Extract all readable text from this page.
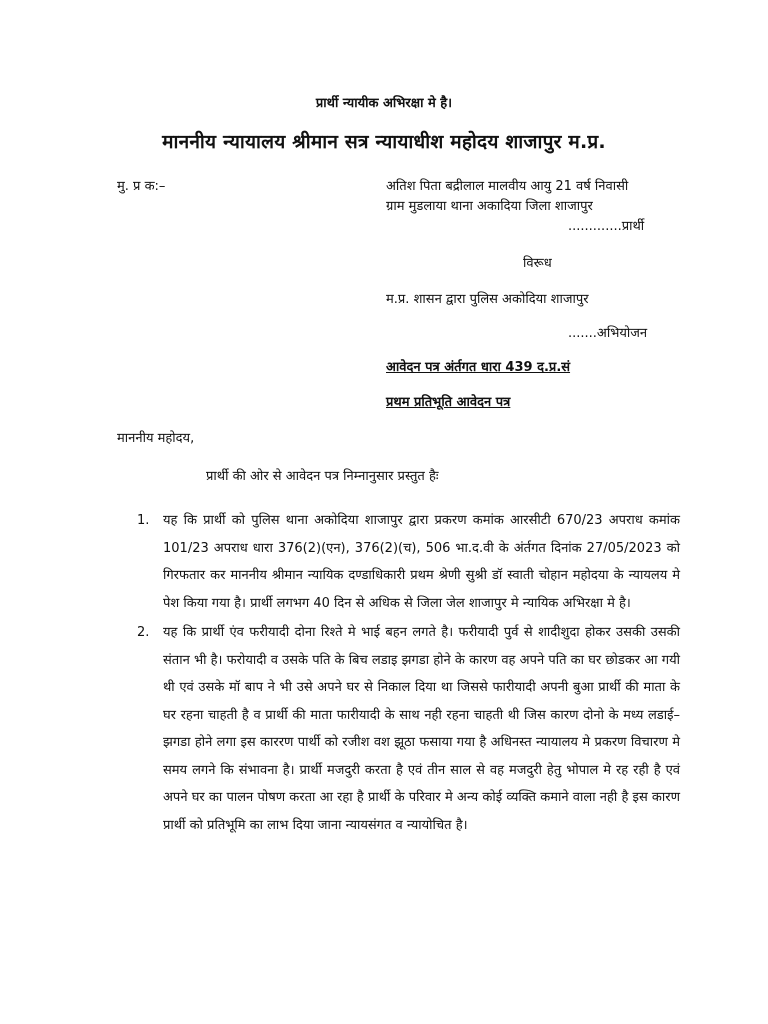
प्रार्थी न्यायीक अभिरक्षा मे है।
माननीय न्यायालय श्रीमान सत्र न्यायाधीश महोदय शाजापुर म.प्र.
मु. प्र क:–	अतिश पिता बद्रीलाल मालवीय आयु 21 वर्ष निवासी
ग्राम मुडलाया थाना अकादिया जिला शाजापुर
.............प्रार्थी
विरूध
म.प्र. शासन द्वारा पुलिस अकोदिया शाजापुर
.......अभियोजन
आवेदन पत्र अंर्तगत धारा 439 द.प्र.सं
प्रथम प्रतिभूति आवेदन पत्र
माननीय महोदय,
प्रार्थी की ओर से आवेदन पत्र निम्नानुसार प्रस्तुत हैः
1. यह कि प्रार्थी को पुलिस थाना अकोदिया शाजापुर द्वारा प्रकरण कमांक आरसीटी 670/23 अपराध कमांक 101/23 अपराध धारा 376(2)(एन), 376(2)(च), 506 भा.द.वी के अंर्तगत दिनांक 27/05/2023 को गिरफतार कर माननीय श्रीमान न्यायिक दण्डाधिकारी प्रथम श्रेणी सुश्री डॉ स्वाती चोहान महोदया के न्यायलय मे पेश किया गया है। प्रार्थी लगभग 40 दिन से अधिक से जिला जेल शाजापुर मे न्यायिक अभिरक्षा मे है।
2. यह कि प्रार्थी एंव फरीयादी दोना रिश्ते मे भाई बहन लगते है। फरीयादी पुर्व से शादीशुदा होकर उसकी उसकी संतान भी है। फरोयादी व उसके पति के बिच लडाइ झगडा होने के कारण वह अपने पति का घर छोडकर आ गयी थी एवं उसके मॉ बाप ने भी उसे अपने घर से निकाल दिया था जिससे फारीयादी अपनी बुआ प्रार्थी की माता के घर रहना चाहती है व प्रार्थी की माता फारीयादी के साथ नही रहना चाहती थी जिस कारण दोनो के मध्य लडाई–झगडा होने लगा इस काररण पार्थी को रजीश वश झूठा फसाया गया है अधिनस्त न्यायालय मे प्रकरण विचारण मे समय लगने कि संभावना है। प्रार्थी मजदुरी करता है एवं तीन साल से वह मजदुरी हेतु भोपाल मे रह रही है एवं अपने घर का पालन पोषण करता आ रहा है प्रार्थी के परिवार मे अन्य कोई व्यक्ति कमाने वाला नही है इस कारण प्रार्थी को प्रतिभूमि का लाभ दिया जाना न्यायसंगत व न्यायोचित है।
